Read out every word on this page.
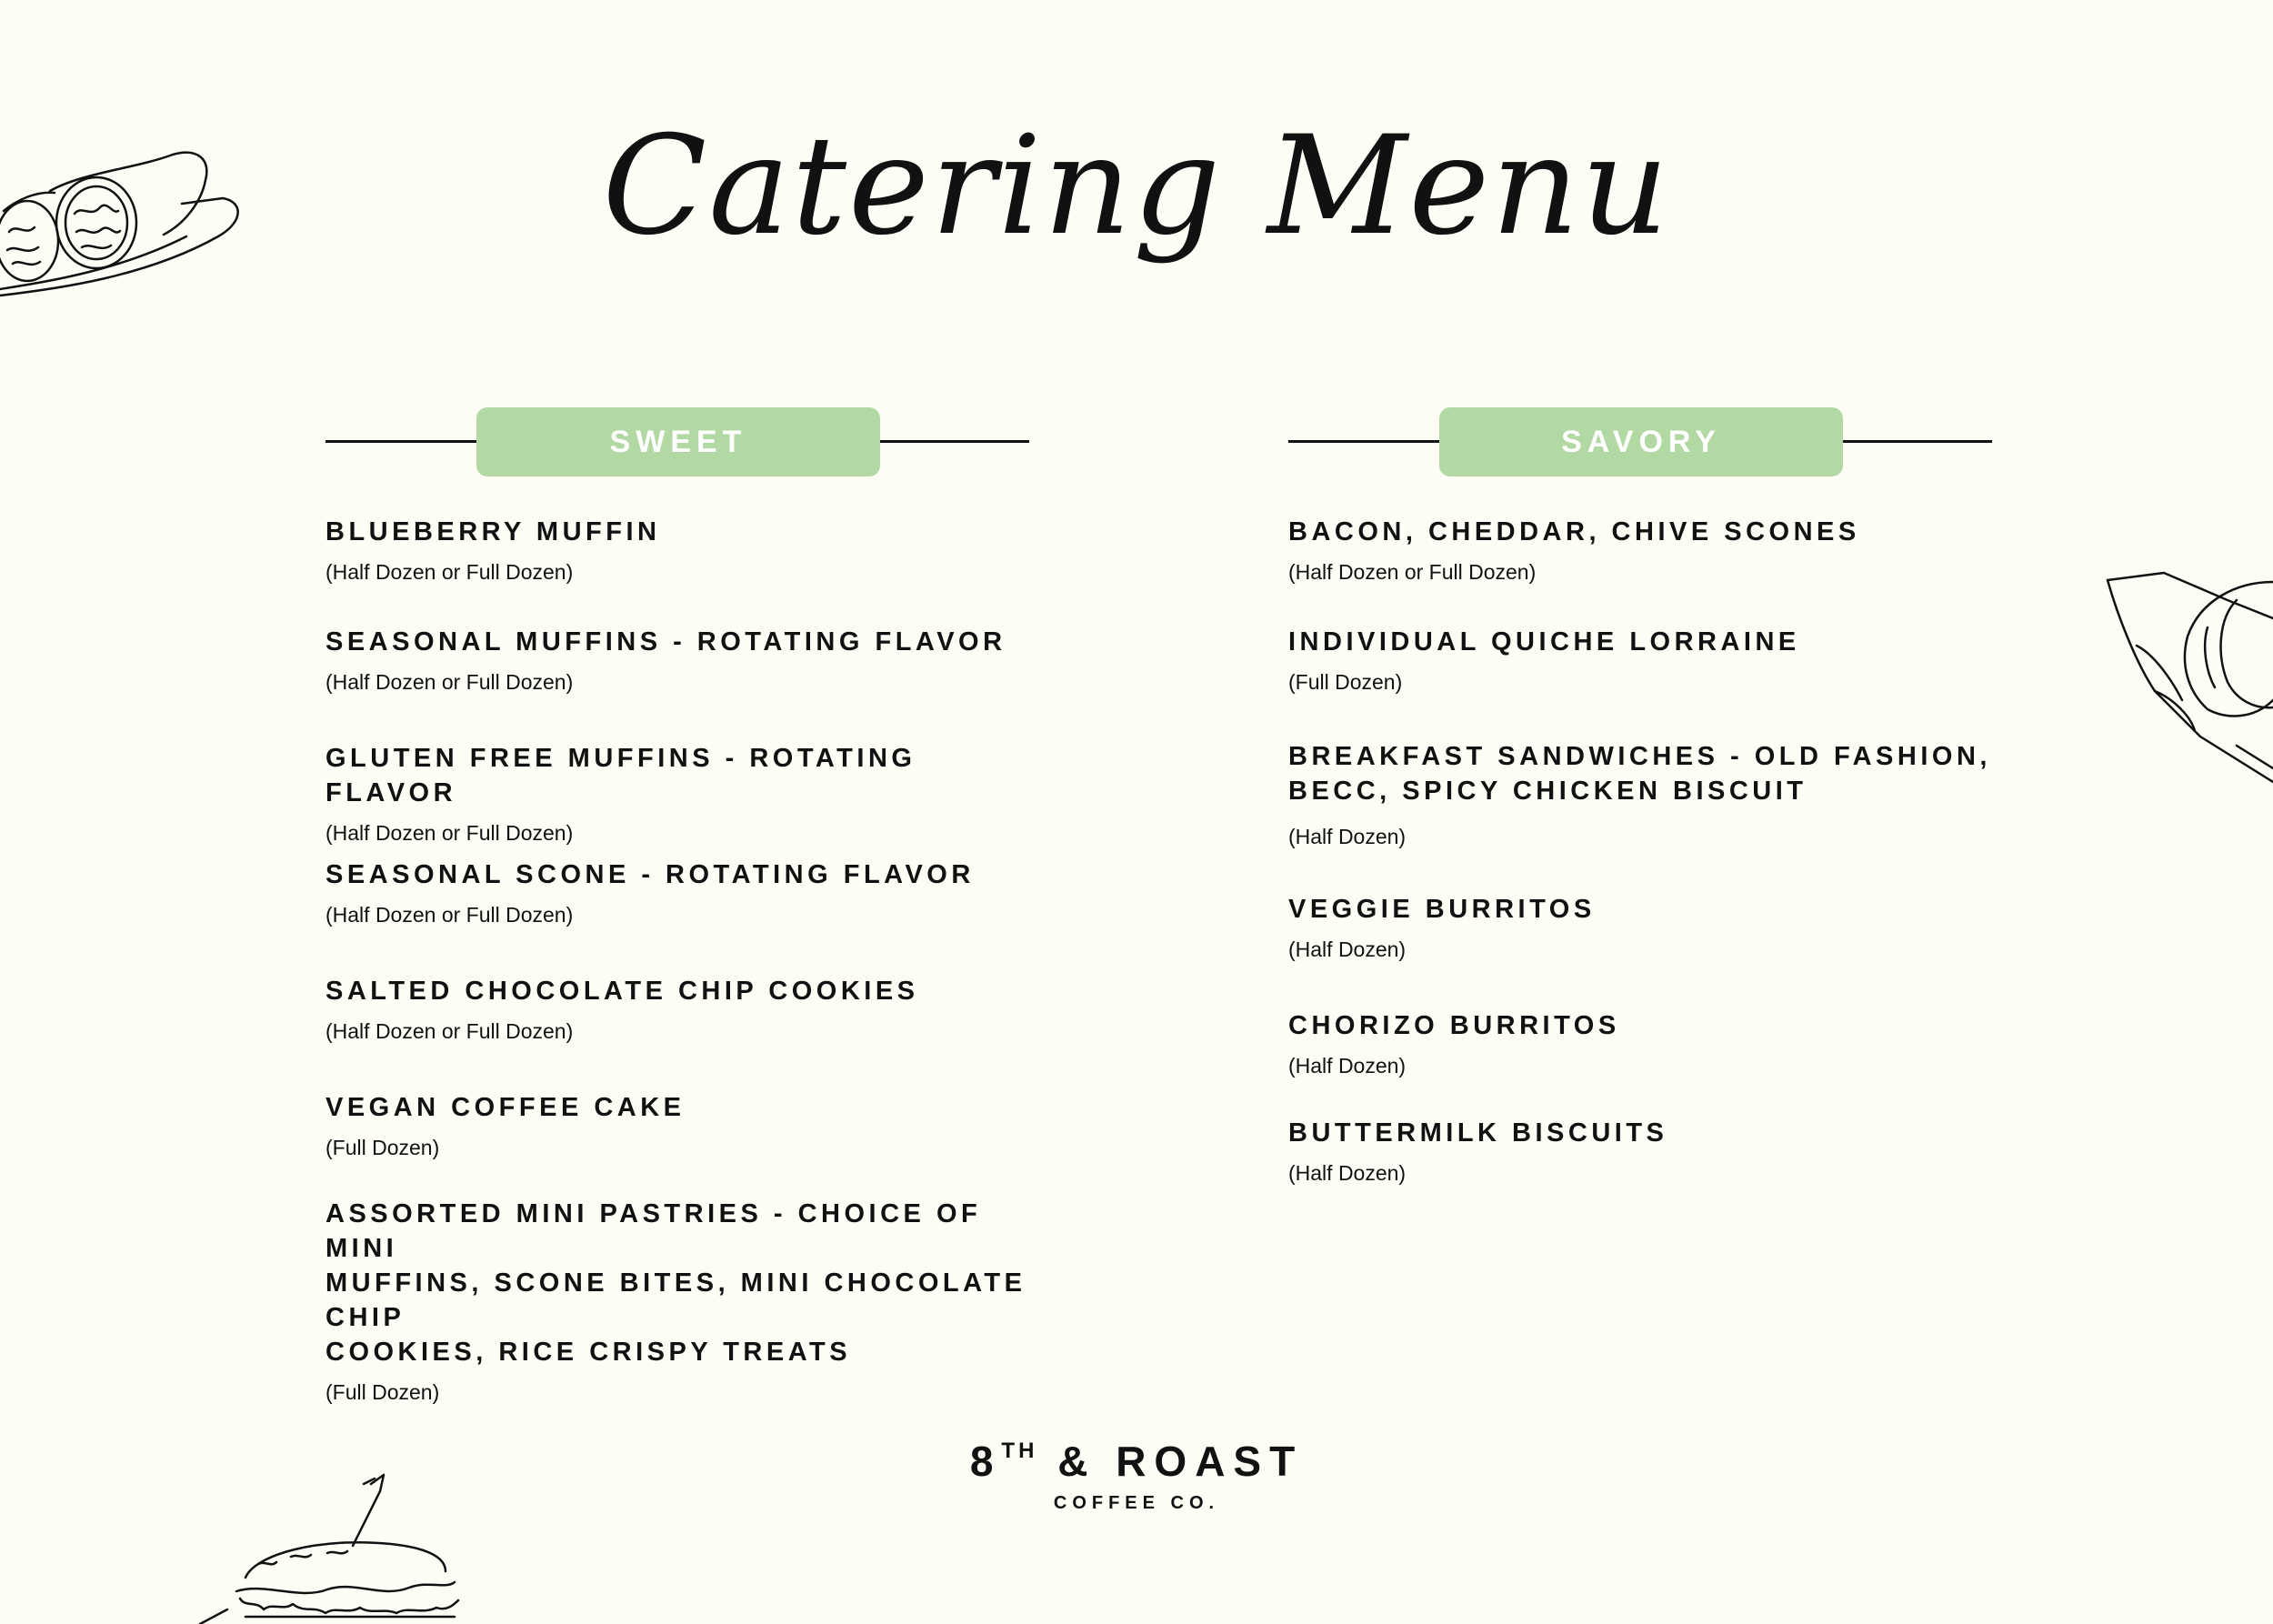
Catering Menu
SWEET
BLUEBERRY MUFFIN
(Half Dozen or Full Dozen)
SEASONAL MUFFINS - ROTATING FLAVOR
(Half Dozen or Full Dozen)
GLUTEN FREE MUFFINS - ROTATING FLAVOR
(Half Dozen or Full Dozen)
SEASONAL SCONE - ROTATING FLAVOR
(Half Dozen or Full Dozen)
SALTED CHOCOLATE CHIP COOKIES
(Half Dozen or Full Dozen)
VEGAN COFFEE CAKE
(Full Dozen)
ASSORTED MINI PASTRIES - CHOICE OF MINI
MUFFINS, SCONE BITES, MINI CHOCOLATE CHIP
COOKIES, RICE CRISPY TREATS
(Full Dozen)
SAVORY
BACON, CHEDDAR, CHIVE SCONES
(Half Dozen or Full Dozen)
INDIVIDUAL QUICHE LORRAINE
(Full Dozen)
BREAKFAST SANDWICHES - OLD FASHION,
BECC, SPICY CHICKEN BISCUIT
(Half Dozen)
VEGGIE BURRITOS
(Half Dozen)
CHORIZO BURRITOS
(Half Dozen)
BUTTERMILK BISCUITS
(Half Dozen)
8TH & ROAST
COFFEE CO.
